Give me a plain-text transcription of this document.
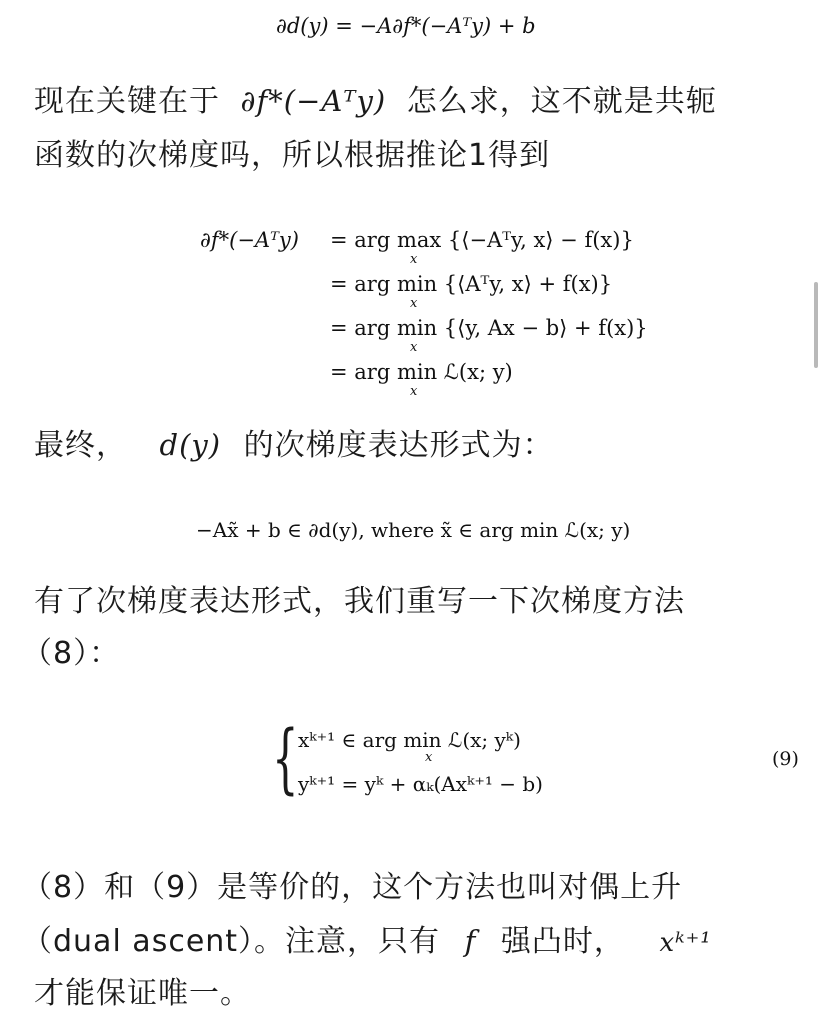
∂d(y) = −A∂f*(−Aᵀy) + b
现在关键在于 ∂f*(−Aᵀy) 怎么求，这不就是共轭
函数的次梯度吗，所以根据推论1得到
∂f*(−Aᵀy) = arg max {⟨−Aᵀy, x⟩ − f(x)}
x
= arg min {⟨Aᵀy, x⟩ + f(x)}
x
= arg min {⟨y, Ax − b⟩ + f(x)}
x
= arg min ℒ(x; y)
x
最终， d(y) 的次梯度表达形式为：
−Ax̃ + b ∈ ∂d(y), where x̃ ∈ arg min ℒ(x; y)
有了次梯度表达形式，我们重写一下次梯度方法
（8）：
{ xᵏ⁺¹ ∈ arg min ℒ(x; yᵏ)
x
yᵏ⁺¹ = yᵏ + αₖ(Axᵏ⁺¹ − b)
(9)
（8）和（9）是等价的，这个方法也叫对偶上升
（dual ascent）。注意，只有 f 强凸时， xᵏ⁺¹
才能保证唯一。
